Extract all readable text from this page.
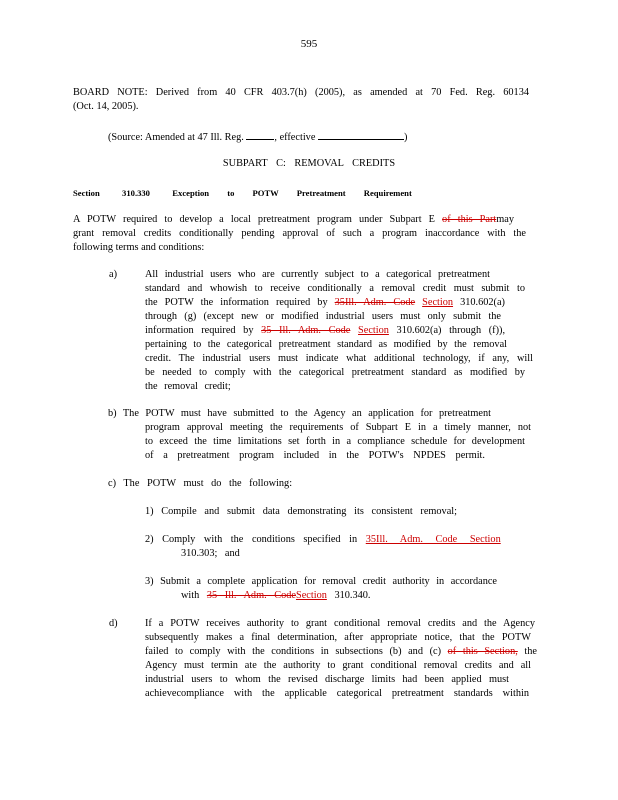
595
BOARD NOTE: Derived from 40 CFR 403.7(h) (2005), as amended at 70 Fed. Reg. 60134
(Oct. 14, 2005).
(Source: Amended at 47 Ill. Reg.	, effective	)
SUBPART C: REMOVAL CREDITS
Section	310.330	Exception to POTW Pretreatment Requirement
A POTW required to develop a local pretreatment program under Subpart E of this Partmay
grant removal credits conditionally pending approval of such a program inaccordance with the
following terms and conditions:
a)	All industrial users who are currently subject to a categorical pretreatment
standard and whowish to receive conditionally a removal credit must submit to
the POTW the information required by 35Ill. Adm. Code Section 310.602(a)
through (g) (except new or modified industrial users must only submit the
information required by 35 Ill. Adm. Code Section 310.602(a) through (f)),
pertaining to the categorical pretreatment standard as modified by the removal
credit. The industrial users must indicate what additional technology, if any, will
be needed to comply with the categorical pretreatment standard as modified by
the removal credit;
b) The POTW must have submitted to the Agency an application for pretreatment
program approval meeting the requirements of Subpart E in a timely manner, not
to exceed the time limitations set forth in a compliance schedule for development
of a pretreatment program included in the POTW's NPDES permit.
c) The POTW must do the following:
1) Compile and submit data demonstrating its consistent removal;
2) Comply with the conditions specified in 35Ill. Adm. Code Section
310.303; and
3) Submit a complete application for removal credit authority in accordance
with 35 Ill. Adm. CodeSection 310.340.
d)	If a POTW receives authority to grant conditional removal credits and the Agency
subsequently makes a final determination, after appropriate notice, that the POTW
failed to comply with the conditions in subsections (b) and (c) of this Section, the
Agency must termin ate the authority to grant conditional removal credits and all
industrial users to whom the revised discharge limits had been applied must
achievecompliance with the applicable categorical pretreatment standards within
